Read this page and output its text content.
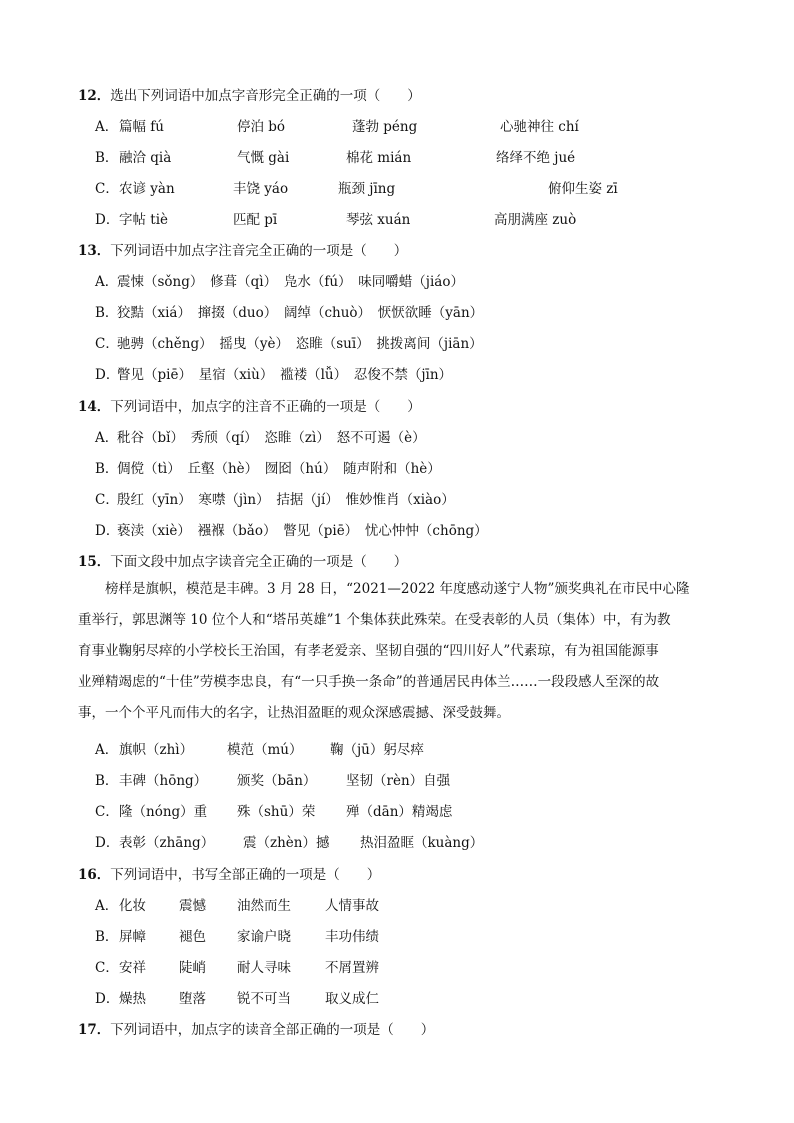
12．选出下列词语中加点字音形完全正确的一项（　　）
A． 篇幅 fú	停泊 bó	蓬勃 péng	心驰神往 chí
B． 融洽 qià	气慨 gài	棉花 mián	络绎不绝 jué
C． 农谚 yàn	丰饶 yáo	瓶颈 jīng	俯仰生姿 zī
D． 字帖 tiè	匹配 pī	琴弦 xuán	高朋满座 zuò
13．下列词语中加点字注音完全正确的一项是（　　）
A．震悚（sǒng）　修葺（qì）　凫水（fú）　味同嚼蜡（jiáo）
B．狡黠（xiá）　撺掇（duo）　阔绰（chuò）　恹恹欲睡（yān）
C．驰骋（chěng）　摇曳（yè）　恣睢（suī）　挑拨离间（jiān）
D．瞥见（piē）　星宿（xiù）　褴褛（lǚ）　忍俊不禁（jīn）
14．下列词语中，加点字的注音不正确的一项是（　　）
A．秕谷（bǐ）　秀颀（qí）　恣睢（zì）　怒不可遏（è）
B．倜傥（tì）　丘壑（hè）　囫囵（hú）　随声附和（hè）
C．殷红（yīn）　寒噤（jìn）　拮据（jí）　惟妙惟肖（xiào）
D．亵渎（xiè）　襁褓（bǎo）　瞥见（piē）　忧心忡忡（chōng）
15．下面文段中加点字读音完全正确的一项是（　　）
榜样是旗帜，模范是丰碑。3 月 28 日，“2021—2022 年度感动遂宁人物”颁奖典礼在市民中心隆
重举行，郭思渊等 10 位个人和“塔吊英雄”1 个集体获此殊荣。在受表彰的人员（集体）中，有为教
育事业鞠躬尽瘁的小学校长王治国，有孝老爱亲、坚韧自强的“四川好人”代素琼，有为祖国能源事
业殚精竭虑的“十佳”劳模李忠良，有“一只手换一条命”的普通居民冉体兰……一段段感人至深的故
事，一个个平凡而伟大的名字，让热泪盈眶的观众深感震撼、深受鼓舞。
A． 旗帜（zhì）	模范（mú） 鞠（jū）躬尽瘁
B． 丰碑（hōng） 颁奖（bān） 坚韧（rèn）自强
C． 隆（nóng）重 殊（shū）荣 殚（dān）精竭虑
D． 表彰（zhāng） 震（zhèn）撼 热泪盈眶（kuàng）
16．下列词语中，书写全部正确的一项是（　　）
A． 化妆 震憾 油然而生	人情事故
B． 屏幛 褪色 家谕户晓	丰功伟绩
C． 安祥 陡峭 耐人寻味	不屑置辨
D． 燥热 堕落 锐不可当	取义成仁
17．下列词语中，加点字的读音全部正确的一项是（　　）
